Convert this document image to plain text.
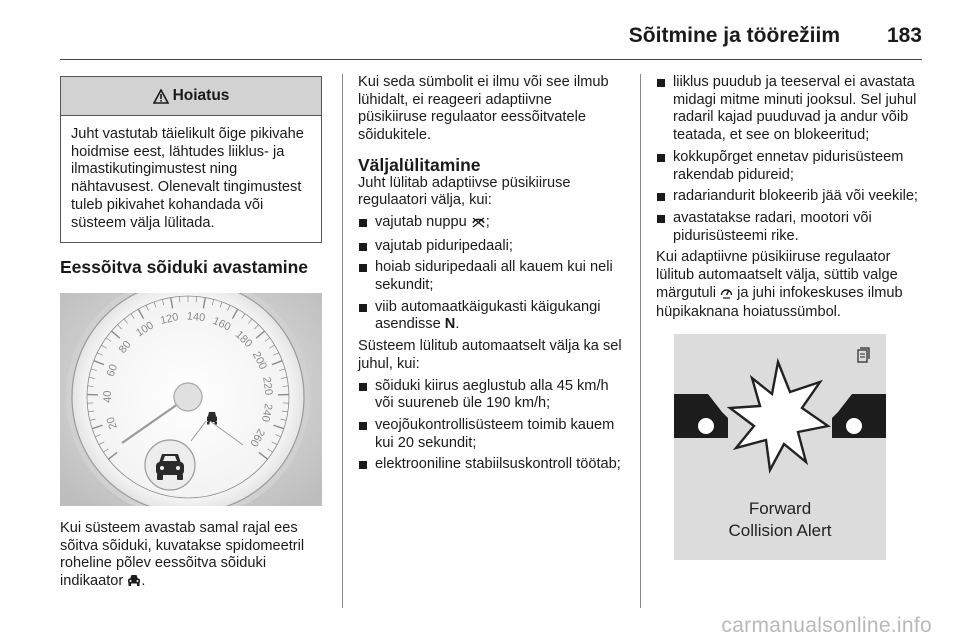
Sõitmine ja töörežiim 183
Hoiatus
Juht vastutab täielikult õige pikivahe hoidmise eest, lähtudes liiklus- ja ilmastikutingimustest ning nähtavusest. Olenevalt tingimustest tuleb pikivahet kohandada või süsteem välja lülitada.
Eessõitva sõiduki avastamine
20
40
60
80
100
120 140 160
180
200
220
240
260

Kui süsteem avastab samal rajal ees sõitva sõiduki, kuvatakse spidomeetril roheline põlev eessõitva sõiduki indikaator .

Kui seda sümbolit ei ilmu või see ilmub lühidalt, ei reageeri adaptiivne püsikiiruse regulaator eessõitvatele sõidukitele.

Väljalülitamine

Juht lülitab adaptiivse püsikiiruse regulaatori välja, kui:

vajutab nuppu ;
vajutab piduripedaali;
hoiab siduripedaali all kauem kui neli sekundit;
viib automaatkäigukasti käigukangi asendisse N.

Süsteem lülitub automaatselt välja ka sel juhul, kui:

sõiduki kiirus aeglustub alla 45 km/h või suureneb üle 190 km/h;
veojõukontrollisüsteem toimib kauem kui 20 sekundit;
elektrooniline stabiilsuskontroll töötab;
liiklus puudub ja teeserval ei avastata midagi mitme minuti jooksul. Sel juhul radaril kajad puuduvad ja andur võib teatada, et see on blokeeritud;
kokkupõrget ennetav pidurisüsteem rakendab pidureid;
radariandurit blokeerib jää või veekile;
avastatakse radari, mootori või pidurisüsteemi rike.

Kui adaptiivne püsikiiruse regulaator lülitub automaatselt välja, süttib valge märgutuli ja juhi infokeskuses ilmub hüpikaknana hoiatussümbol.

Forward
Collision Alert
carmanualsonline.info
